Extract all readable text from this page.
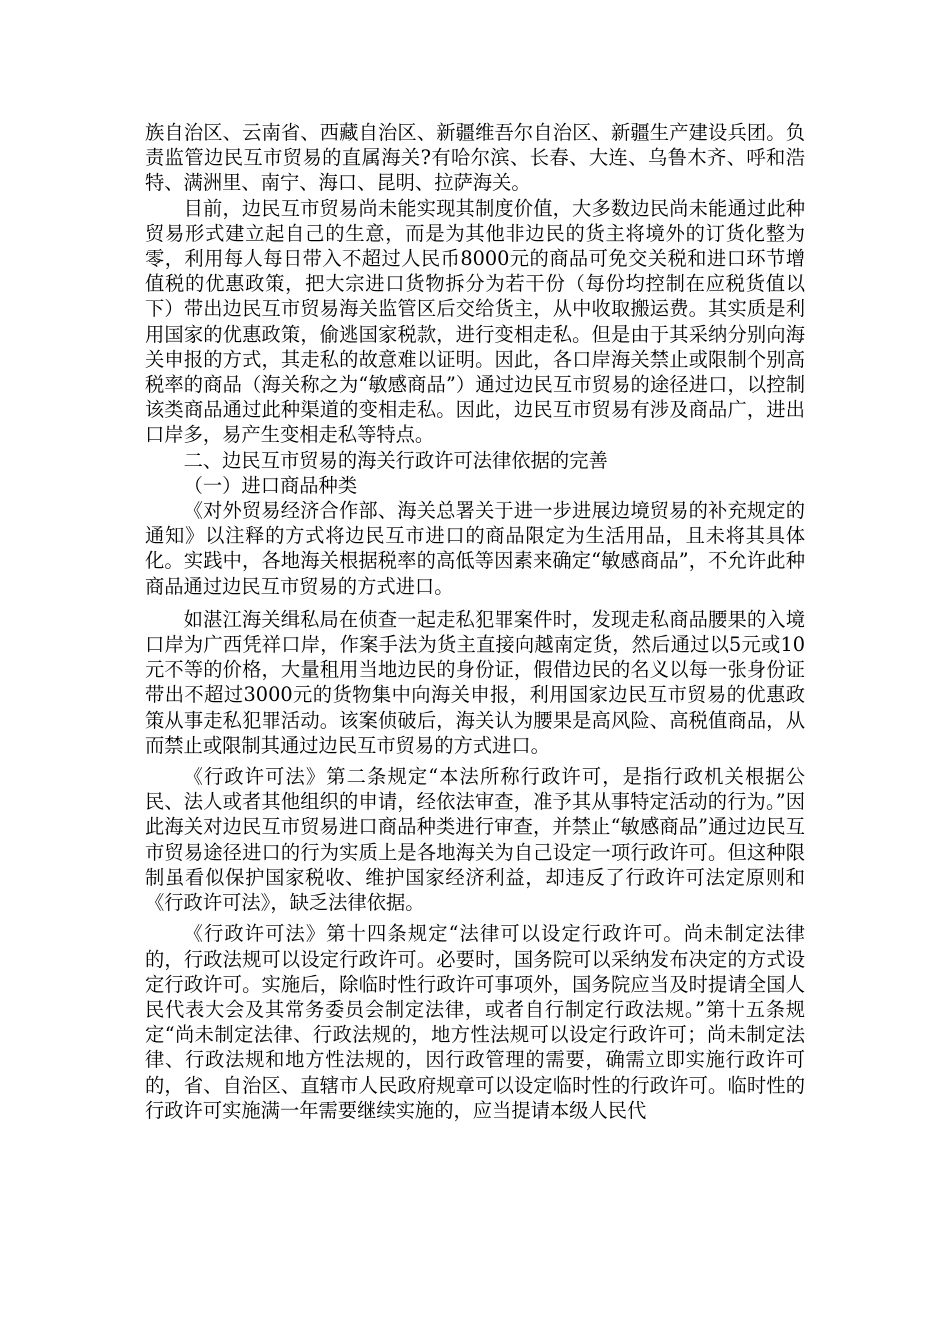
族自治区、云南省、西藏自治区、新疆维吾尔自治区、新疆生产建设兵团。负责监管边民互市贸易的直属海关?有哈尔滨、长春、大连、乌鲁木齐、呼和浩特、满洲里、南宁、海口、昆明、拉萨海关。

目前，边民互市贸易尚未能实现其制度价值，大多数边民尚未能通过此种贸易形式建立起自己的生意，而是为其他非边民的货主将境外的订货化整为零，利用每人每日带入不超过人民币8000元的商品可免交关税和进口环节增值税的优惠政策，把大宗进口货物拆分为若干份（每份均控制在应税货值以下）带出边民互市贸易海关监管区后交给货主，从中收取搬运费。其实质是利用国家的优惠政策，偷逃国家税款，进行变相走私。但是由于其采纳分别向海关申报的方式，其走私的故意难以证明。因此，各口岸海关禁止或限制个别高税率的商品（海关称之为“敏感商品”）通过边民互市贸易的途径进口，以控制该类商品通过此种渠道的变相走私。因此，边民互市贸易有涉及商品广，进出口岸多，易产生变相走私等特点。

二、边民互市贸易的海关行政许可法律依据的完善

（一）进口商品种类

《对外贸易经济合作部、海关总署关于进一步进展边境贸易的补充规定的通知》以注释的方式将边民互市进口的商品限定为生活用品，且未将其具体化。实践中，各地海关根据税率的高低等因素来确定“敏感商品”，不允许此种商品通过边民互市贸易的方式进口。

如湛江海关缉私局在侦查一起走私犯罪案件时，发现走私商品腰果的入境口岸为广西凭祥口岸，作案手法为货主直接向越南定货，然后通过以5元或10元不等的价格，大量租用当地边民的身份证，假借边民的名义以每一张身份证带出不超过3000元的货物集中向海关申报，利用国家边民互市贸易的优惠政策从事走私犯罪活动。该案侦破后，海关认为腰果是高风险、高税值商品，从而禁止或限制其通过边民互市贸易的方式进口。

《行政许可法》第二条规定“本法所称行政许可，是指行政机关根据公民、法人或者其他组织的申请，经依法审查，准予其从事特定活动的行为。”因此海关对边民互市贸易进口商品种类进行审查，并禁止“敏感商品”通过边民互市贸易途径进口的行为实质上是各地海关为自己设定一项行政许可。但这种限制虽看似保护国家税收、维护国家经济利益，却违反了行政许可法定原则和《行政许可法》，缺乏法律依据。

《行政许可法》第十四条规定“法律可以设定行政许可。尚未制定法律的，行政法规可以设定行政许可。必要时，国务院可以采纳发布决定的方式设定行政许可。实施后，除临时性行政许可事项外，国务院应当及时提请全国人民代表大会及其常务委员会制定法律，或者自行制定行政法规。”第十五条规定“尚未制定法律、行政法规的，地方性法规可以设定行政许可；尚未制定法律、行政法规和地方性法规的，因行政管理的需要，确需立即实施行政许可的，省、自治区、直辖市人民政府规章可以设定临时性的行政许可。临时性的行政许可实施满一年需要继续实施的，应当提请本级人民代
